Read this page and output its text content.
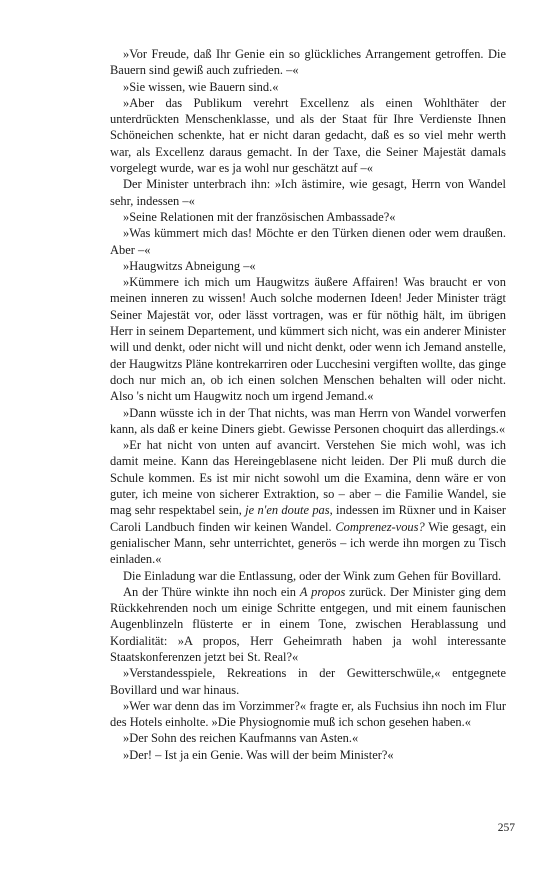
»Vor Freude, daß Ihr Genie ein so glückliches Arrangement getroffen. Die Bauern sind gewiß auch zufrieden. –«

»Sie wissen, wie Bauern sind.«

»Aber das Publikum verehrt Excellenz als einen Wohlthäter der unterdrückten Menschenklasse, und als der Staat für Ihre Verdienste Ihnen Schöneichen schenkte, hat er nicht daran gedacht, daß es so viel mehr werth war, als Excellenz daraus gemacht. In der Taxe, die Seiner Majestät damals vorgelegt wurde, war es ja wohl nur geschätzt auf –«

Der Minister unterbrach ihn: »Ich ästimire, wie gesagt, Herrn von Wandel sehr, indessen –«

»Seine Relationen mit der französischen Ambassade?«

»Was kümmert mich das! Möchte er den Türken dienen oder wem draußen. Aber –«

»Haugwitzs Abneigung –«

»Kümmere ich mich um Haugwitzs äußere Affairen! Was braucht er von meinen inneren zu wissen! Auch solche modernen Ideen! Jeder Minister trägt Seiner Majestät vor, oder lässt vortragen, was er für nöthig hält, im übrigen Herr in seinem Departement, und kümmert sich nicht, was ein anderer Minister will und denkt, oder nicht will und nicht denkt, oder wenn ich Jemand anstelle, der Haugwitzs Pläne kontrekarriren oder Lucchesini vergiften wollte, das ginge doch nur mich an, ob ich einen solchen Menschen behalten will oder nicht. Also 's nicht um Haugwitz noch um irgend Jemand.«

»Dann wüsste ich in der That nichts, was man Herrn von Wandel vorwerfen kann, als daß er keine Diners giebt. Gewisse Personen choquirt das allerdings.«

»Er hat nicht von unten auf avancirt. Verstehen Sie mich wohl, was ich damit meine. Kann das Hereingeblasene nicht leiden. Der Pli muß durch die Schule kommen. Es ist mir nicht sowohl um die Examina, denn wäre er von guter, ich meine von sicherer Extraktion, so – aber – die Familie Wandel, sie mag sehr respektabel sein, je n'en doute pas, indessen im Rüxner und in Kaiser Caroli Landbuch finden wir keinen Wandel. Comprenez-vous? Wie gesagt, ein genialischer Mann, sehr unterrichtet, generös – ich werde ihn morgen zu Tisch einladen.«

Die Einladung war die Entlassung, oder der Wink zum Gehen für Bovillard.

An der Thüre winkte ihn noch ein A propos zurück. Der Minister ging dem Rückkehrenden noch um einige Schritte entgegen, und mit einem faunischen Augenblinzeln flüsterte er in einem Tone, zwischen Herablassung und Kordialität: »A propos, Herr Geheimrath haben ja wohl interessante Staatskonferenzen jetzt bei St. Real?«

»Verstandesspiele, Rekreations in der Gewitterschwüle,« entgegnete Bovillard und war hinaus.

»Wer war denn das im Vorzimmer?« fragte er, als Fuchsius ihn noch im Flur des Hotels einholte. »Die Physiognomie muß ich schon gesehen haben.«

»Der Sohn des reichen Kaufmanns van Asten.«

»Der! – Ist ja ein Genie. Was will der beim Minister?«

257
